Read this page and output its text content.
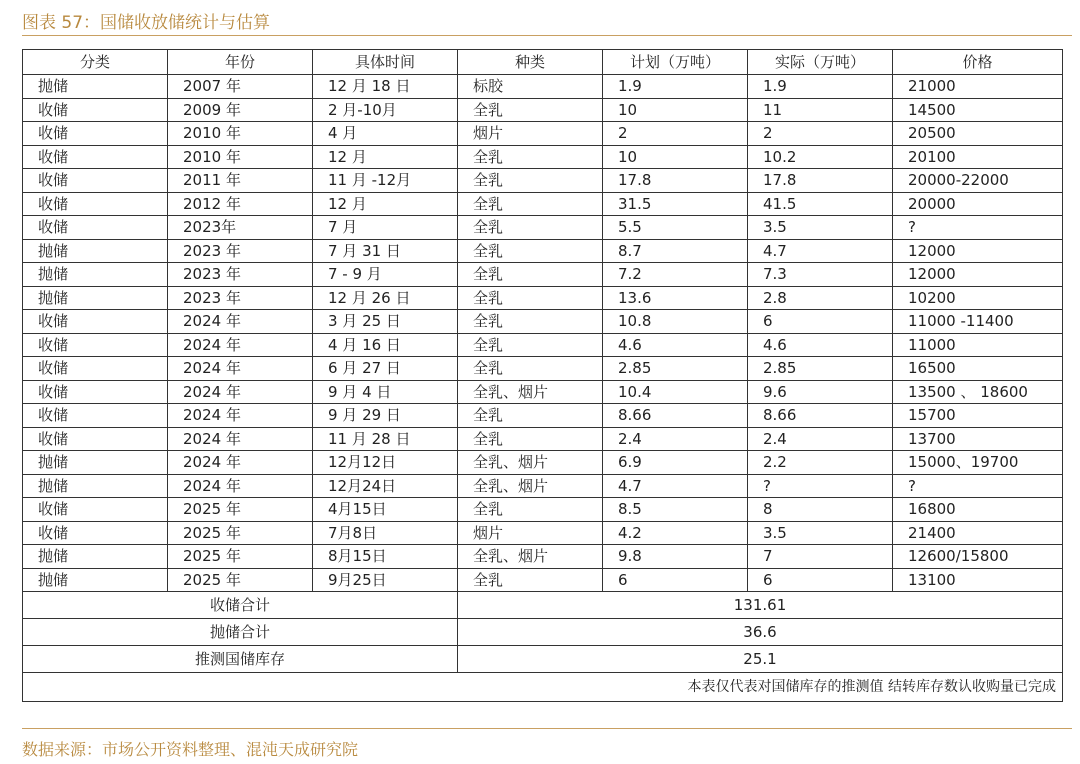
图表 57：国储收放储统计与估算
分类	年份	具体时间	种类	计划（万吨）	实际（万吨）	价格
抛储	2007 年	12 月 18 日	标胶	1.9	1.9	21000
收储	2009 年	2 月-10月	全乳	10	11	14500
收储	2010 年	4 月	烟片	2	2	20500
收储	2010 年	12 月	全乳	10	10.2	20100
收储	2011 年	11 月 -12月	全乳	17.8	17.8	20000-22000
收储	2012 年	12 月	全乳	31.5	41.5	20000
收储	2023年	7 月	全乳	5.5	3.5	?
抛储	2023 年	7 月 31 日	全乳	8.7	4.7	12000
抛储	2023 年	7 - 9 月	全乳	7.2	7.3	12000
抛储	2023 年	12 月 26 日	全乳	13.6	2.8	10200
收储	2024 年	3 月 25 日	全乳	10.8	6	11000 -11400
收储	2024 年	4 月 16 日	全乳	4.6	4.6	11000
收储	2024 年	6 月 27 日	全乳	2.85	2.85	16500
收储	2024 年	9 月 4 日	全乳、烟片	10.4	9.6	13500 、 18600
收储	2024 年	9 月 29 日	全乳	8.66	8.66	15700
收储	2024 年	11 月 28 日	全乳	2.4	2.4	13700
抛储	2024 年	12月12日	全乳、烟片	6.9	2.2	15000、19700
抛储	2024 年	12月24日	全乳、烟片	4.7	?	?
收储	2025 年	4月15日	全乳	8.5	8	16800
收储	2025 年	7月8日	烟片	4.2	3.5	21400
抛储	2025 年	8月15日	全乳、烟片	9.8	7	12600/15800
抛储	2025 年	9月25日	全乳	6	6	13100
收储合计			131.61			
抛储合计			36.6			
推测国储库存			25.1			
本表仅代表对国储库存的推测值 结转库存数认收购量已完成						
数据来源：市场公开资料整理、混沌天成研究院
